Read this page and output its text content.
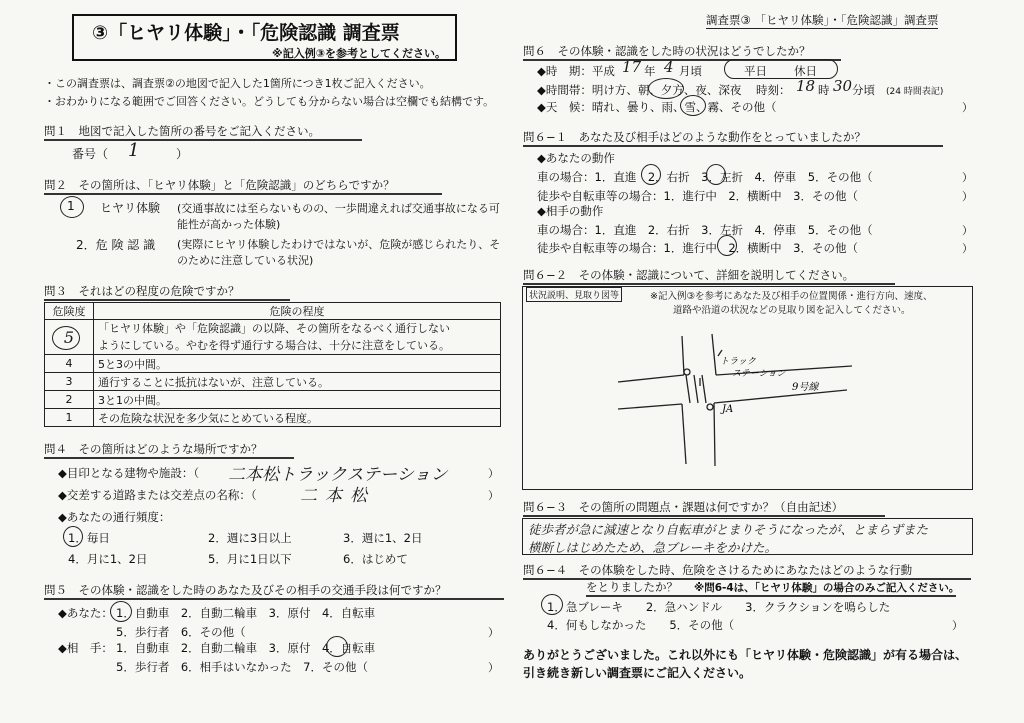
③「ヒヤリ体験」・「危険認識 調査票
※記入例③を参考としてください。
調査票③ 「ヒヤリ体験」・「危険認識」調査票
・この調査票は、調査票②の地図で記入した1箇所につき1枚ご記入ください。
・おわかりになる範囲でご回答ください。どうしても分からない場合は空欄でも結構です。
問１　地図で記入した箇所の番号をご記入ください。
番号（ 1	）
問２　その箇所は、「ヒヤリ体験」と「危険認識」のどちらですか？
1 ヒヤリ体験 (交通事故には至らないものの、一歩間違えれば交通事故になる可
能性が高かった体験)
2．危 険 認 識 (実際にヒヤリ体験したわけではないが、危険が感じられたり、そ
のために注意している状況)
問３　それはどの程度の危険ですか？
危険度	危険の程度
5	「ヒヤリ体験」や「危険認識」の以降、その箇所をなるべく通行しない
ようにしている。やむを得ず通行する場合は、十分に注意をしている。

4	5と3の中間。
3	通行することに抵抗はないが、注意している。
2	3と1の中間。
1	その危険な状況を多少気にとめている程度。
問４　その箇所はどのような場所ですか？
◆目印となる建物や施設：（ 二本松トラックステーション	）
◆交差する道路または交差点の名称：（	二本松	）
◆あなたの通行頻度：
1．毎日	2．週に3日以上	3．週に1、2日
4．月に1、2日	5．月に1日以下	6．はじめて
問５　その体験・認識をした時のあなた及びその相手の交通手段は何ですか？
◆あなた： 1．自動車　2．自動二輪車　3．原付　4．自転車
5．歩行者　6．その他（	）
◆相　手： 1．自動車　2．自動二輪車　3．原付　4．自転車
5．歩行者　6．相手はいなかった　7．その他（	）
問６　その体験・認識をした時の状況はどうでしたか？
◆時　期：平成 17 年 4 月頃	平日 休日
◆時間帯：明け方、朝、夕方、夜、深夜 時刻： 18 時 30 分頃 (24 時間表記)
◆天　候：晴れ、曇り、雨、雪、霧、その他（	）
問６−１　あなた及び相手はどのような動作をとっていましたか？
◆あなたの動作
車の場合：1．直進　2．右折　3．左折　4．停車　5．その他（	）
徒歩や自転車等の場合：1．進行中　2．横断中　3．その他（	）
◆相手の動作
車の場合：1．直進　2．右折　3．左折　4．停車　5．その他（	）
徒歩や自転車等の場合：1．進行中　2．横断中　3．その他（	）
問６−２　その体験・認識について、詳細を説明してください。
状況説明、見取り図等	※記入例③を参考にあなた及び相手の位置関係・進行方向、速度、
道路や沿道の状況などの見取り図を記入してください。
トラック
ステーション
JA
9号線
問６−３　その箇所の問題点・課題は何ですか？（自由記述）
徒歩者が急に減速となり自転車がとまりそうになったが、とまらずまた
横断しはじめたため、急ブレーキをかけた。
問６−４　その体験をした時、危険をさけるためにあなたはどのような行動
をとりましたか？ ※問6-4は、「ヒヤリ体験」の場合のみご記入ください。
1．急ブレーキ　　2．急ハンドル　　3．クラクションを鳴らした
4．何もしなかった　　5．その他（	）
ありがとうございました。これ以外にも「ヒヤリ体験・危険認識」が有る場合は、
引き続き新しい調査票にご記入ください。
